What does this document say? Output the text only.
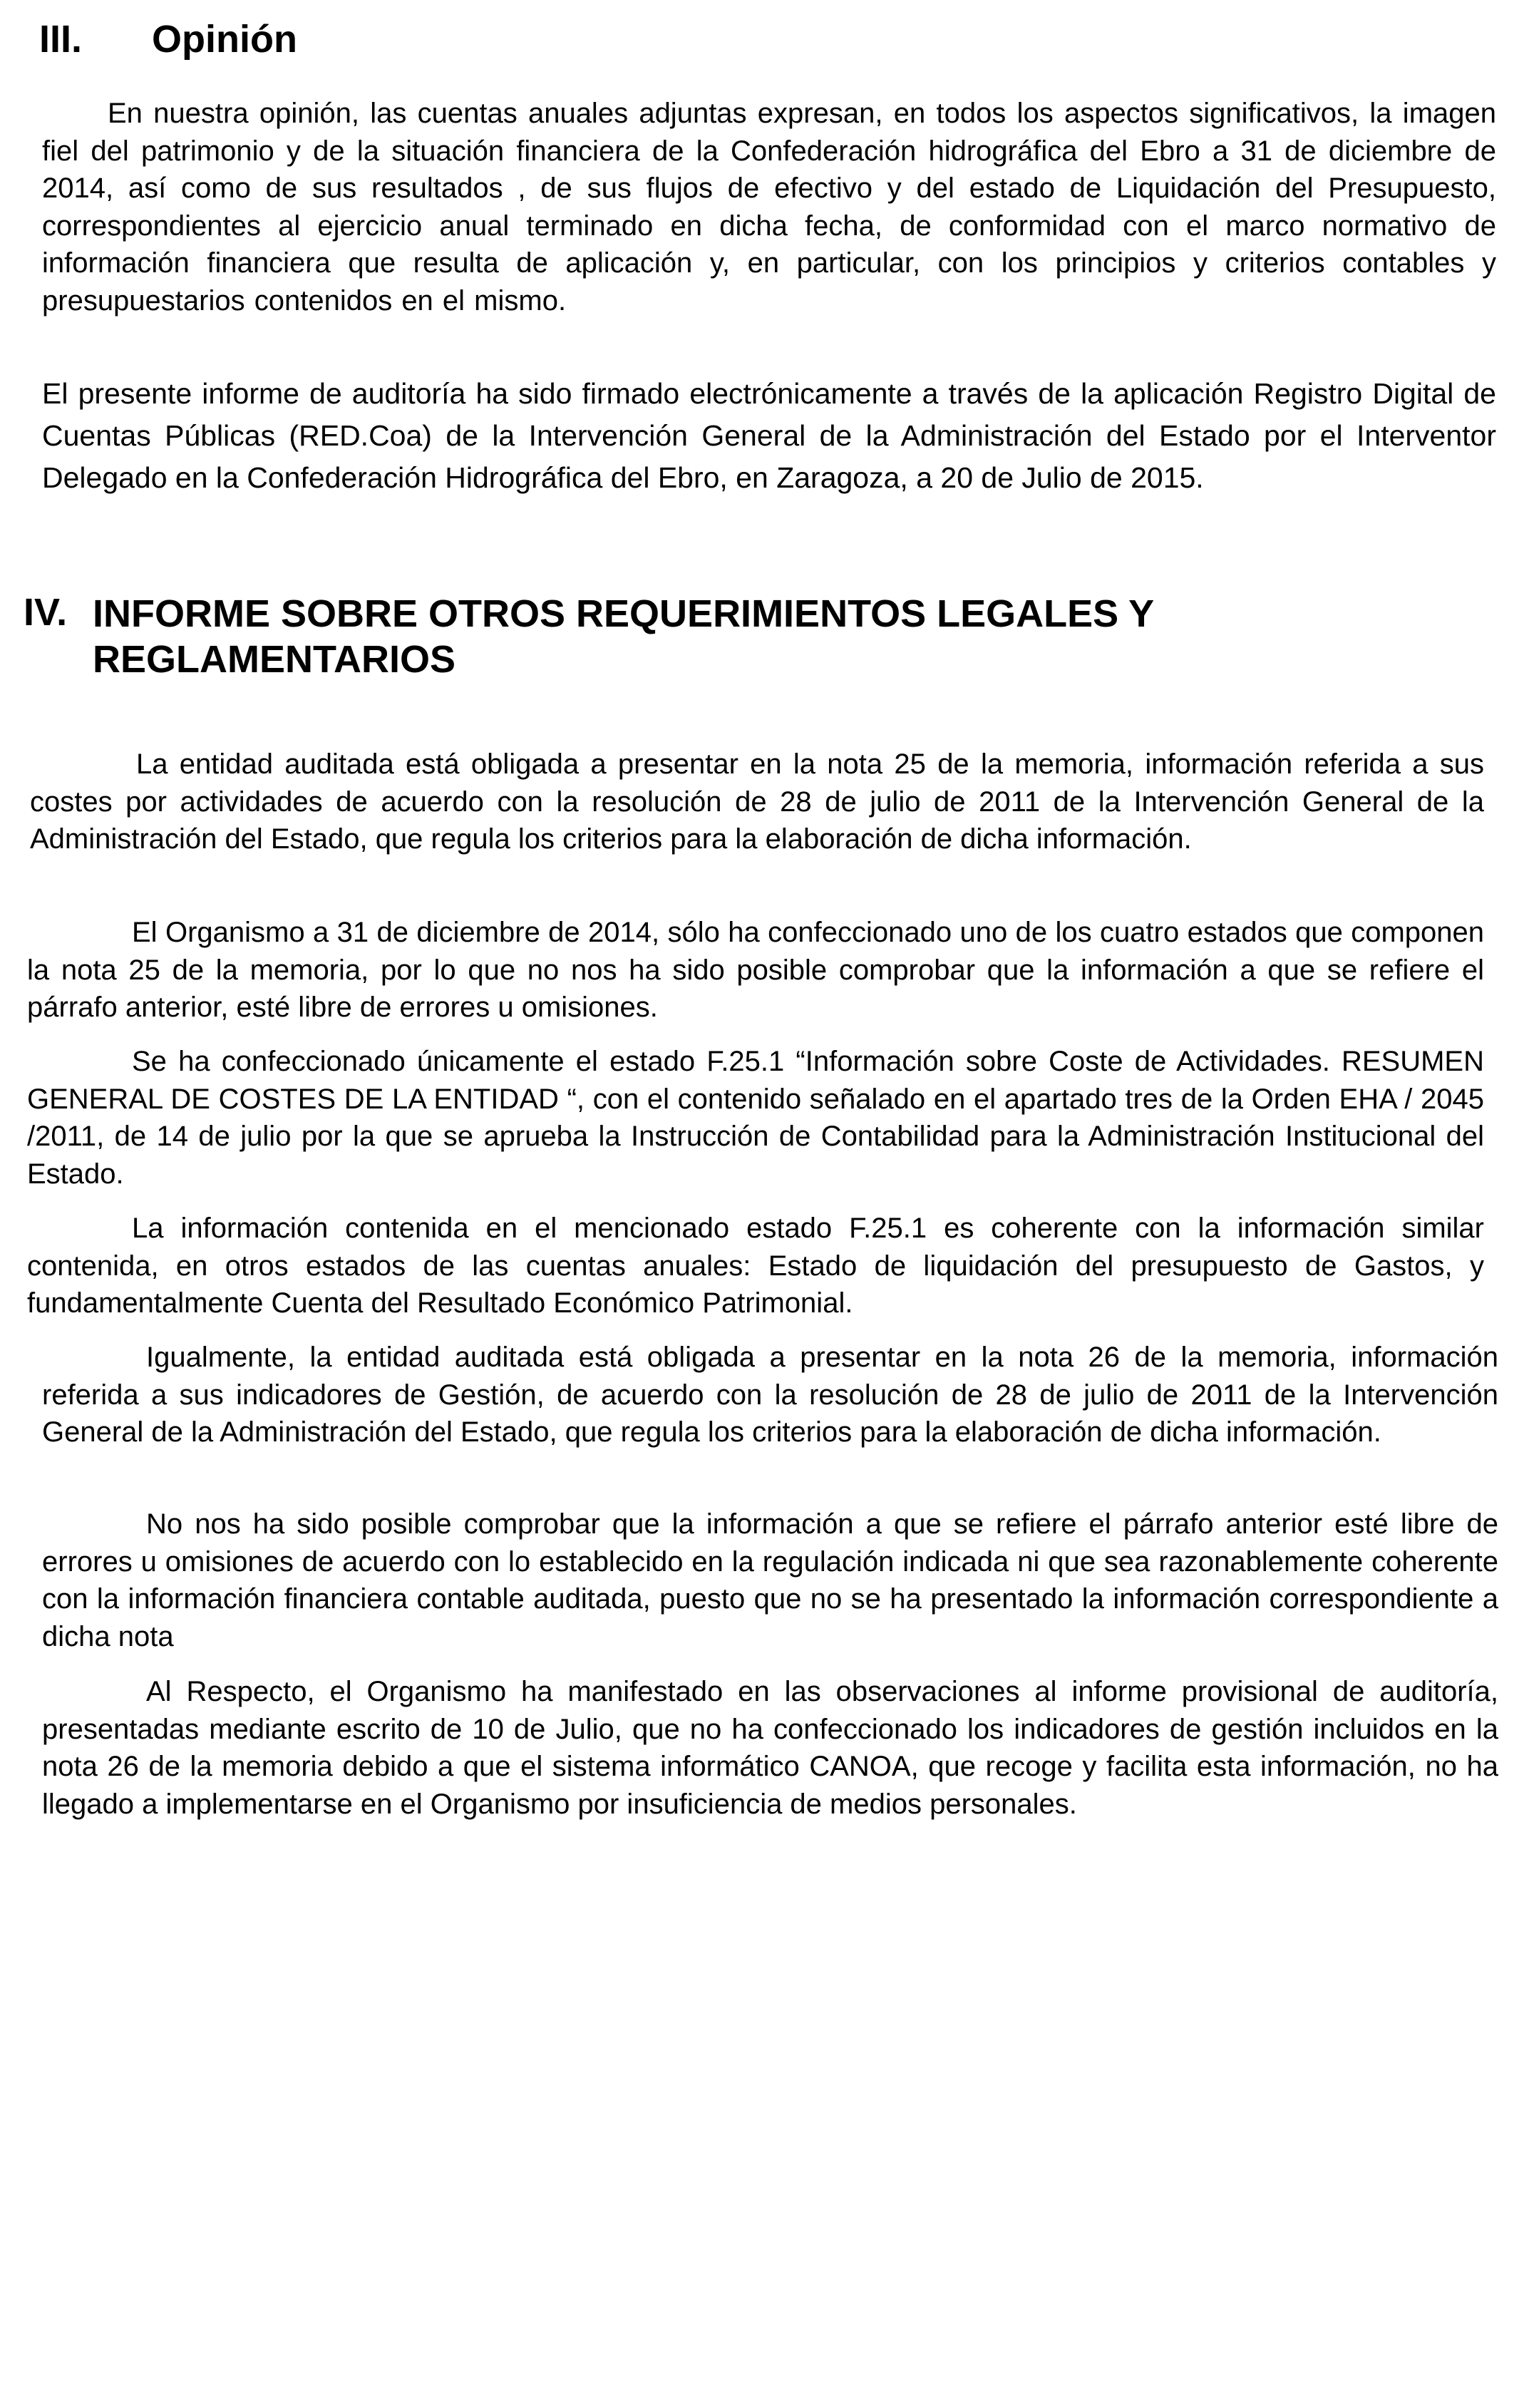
III. Opinión
En nuestra opinión, las cuentas anuales adjuntas expresan, en todos los aspectos significativos, la imagen fiel del patrimonio y de la situación financiera de la Confederación hidrográfica del Ebro a 31 de diciembre de 2014, así como de sus resultados , de sus flujos de efectivo y del estado de Liquidación del Presupuesto, correspondientes al ejercicio anual terminado en dicha fecha, de conformidad con el marco normativo de información financiera que resulta de aplicación y, en particular, con los principios y criterios contables y presupuestarios contenidos en el mismo.
El presente informe de auditoría ha sido firmado electrónicamente a través de la aplicación Registro Digital de Cuentas Públicas (RED.Coa) de la Intervención General de la Administración del Estado por el Interventor Delegado en la Confederación Hidrográfica del Ebro, en Zaragoza, a 20 de Julio de 2015.
IV. INFORME SOBRE OTROS REQUERIMIENTOS LEGALES Y REGLAMENTARIOS
La entidad auditada está obligada a presentar en la nota 25 de la memoria, información referida a sus costes por actividades de acuerdo con la resolución de 28 de julio de 2011 de la Intervención General de la Administración del Estado, que regula los criterios para la elaboración de dicha información.
El Organismo a 31 de diciembre de 2014, sólo ha confeccionado uno de los cuatro estados que componen la nota 25 de la memoria, por lo que no nos ha sido posible comprobar que la información a que se refiere el párrafo anterior, esté libre de errores u omisiones.
Se ha confeccionado únicamente el estado F.25.1 “Información sobre Coste de Actividades. RESUMEN GENERAL DE COSTES DE LA ENTIDAD “, con el contenido señalado en el apartado tres de la Orden EHA / 2045 /2011, de 14 de julio por la que se aprueba la Instrucción de Contabilidad para la Administración Institucional del Estado.
La información contenida en el mencionado estado F.25.1 es coherente con la información similar contenida, en otros estados de las cuentas anuales: Estado de liquidación del presupuesto de Gastos, y fundamentalmente Cuenta del Resultado Económico Patrimonial.
Igualmente, la entidad auditada está obligada a presentar en la nota 26 de la memoria, información referida a sus indicadores de Gestión, de acuerdo con la resolución de 28 de julio de 2011 de la Intervención General de la Administración del Estado, que regula los criterios para la elaboración de dicha información.
No nos ha sido posible comprobar que la información a que se refiere el párrafo anterior esté libre de errores u omisiones de acuerdo con lo establecido en la regulación indicada ni que sea razonablemente coherente con la información financiera contable auditada, puesto que no se ha presentado la información correspondiente a dicha nota
Al Respecto, el Organismo ha manifestado en las observaciones al informe provisional de auditoría, presentadas mediante escrito de 10 de Julio, que no ha confeccionado los indicadores de gestión incluidos en la nota 26 de la memoria debido a que el sistema informático CANOA, que recoge y facilita esta información, no ha llegado a implementarse en el Organismo por insuficiencia de medios personales.
